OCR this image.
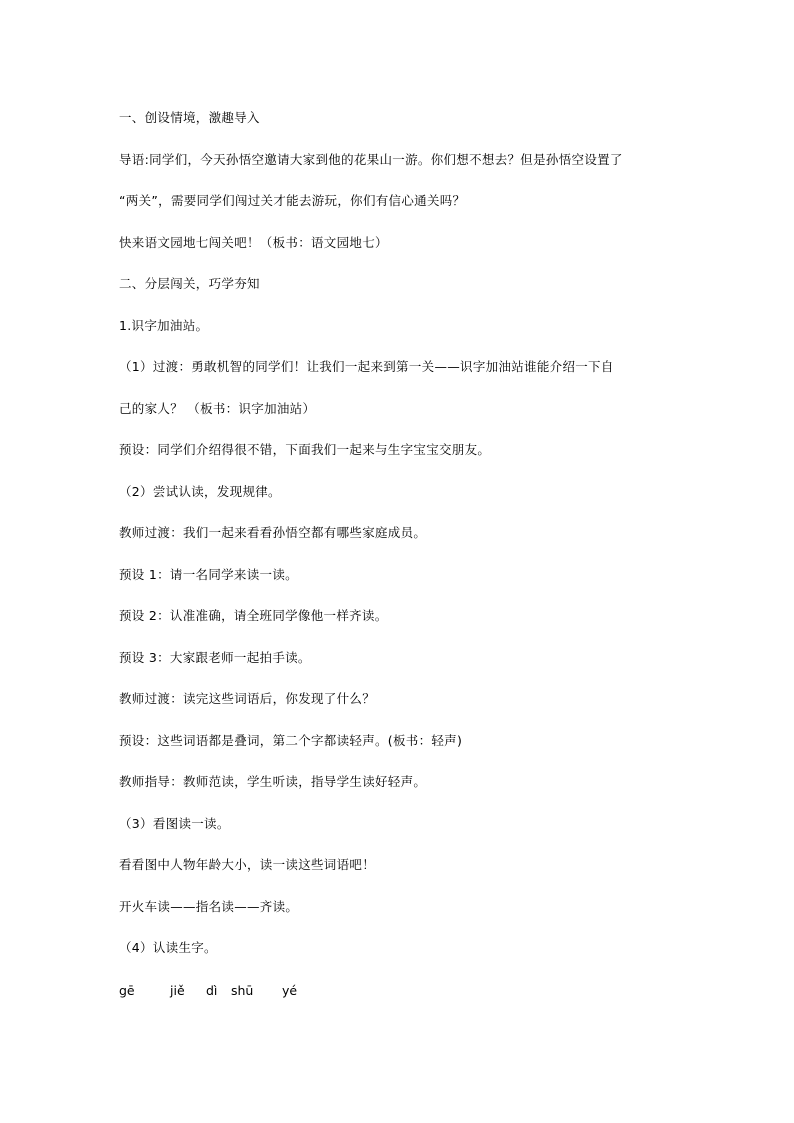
一、创设情境，激趣导入
导语:同学们，今天孙悟空邀请大家到他的花果山一游。你们想不想去？但是孙悟空设置了
“两关”，需要同学们闯过关才能去游玩，你们有信心通关吗？
快来语文园地七闯关吧！（板书：语文园地七）
二、分层闯关，巧学夯知
1.识字加油站。
（1）过渡：勇敢机智的同学们！让我们一起来到第一关——识字加油站谁能介绍一下自
己的家人？ （板书：识字加油站）
预设：同学们介绍得很不错，下面我们一起来与生字宝宝交朋友。
（2）尝试认读，发现规律。
教师过渡：我们一起来看看孙悟空都有哪些家庭成员。
预设 1：请一名同学来读一读。
预设 2：认准准确，请全班同学像他一样齐读。
预设 3：大家跟老师一起拍手读。
教师过渡：读完这些词语后，你发现了什么？
预设：这些词语都是叠词，第二个字都读轻声。(板书：轻声)
教师指导：教师范读，学生听读，指导学生读好轻声。
（3）看图读一读。
看看图中人物年龄大小，读一读这些词语吧！
开火车读——指名读——齐读。
（4）认读生字。
gē	jiě dì shū yé
